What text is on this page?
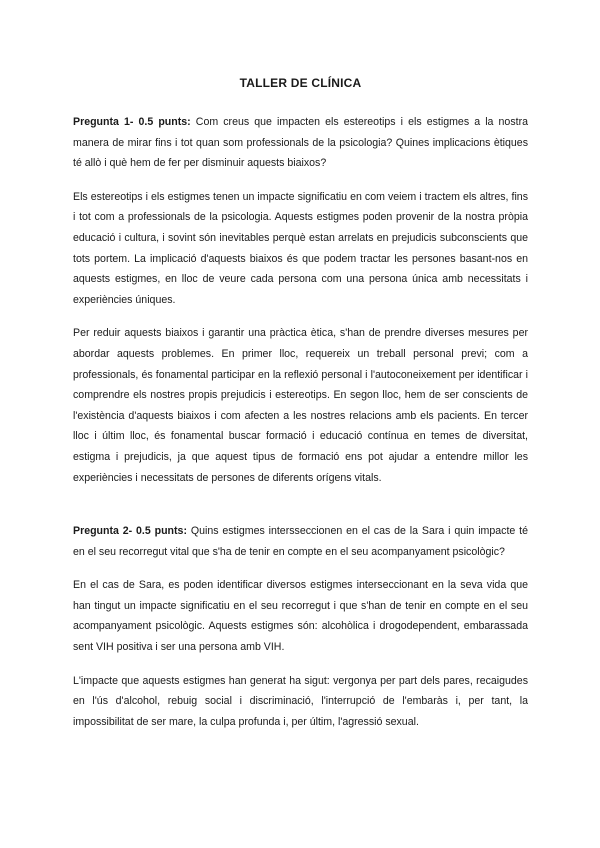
TALLER DE CLÍNICA

Pregunta 1- 0.5 punts: Com creus que impacten els estereotips i els estigmes a la nostra manera de mirar fins i tot quan som professionals de la psicologia? Quines implicacions ètiques té allò i què hem de fer per disminuir aquests biaixos?

Els estereotips i els estigmes tenen un impacte significatiu en com veiem i tractem els altres, fins i tot com a professionals de la psicologia. Aquests estigmes poden provenir de la nostra pròpia educació i cultura, i sovint són inevitables perquè estan arrelats en prejudicis subconscients que tots portem. La implicació d'aquests biaixos és que podem tractar les persones basant-nos en aquests estigmes, en lloc de veure cada persona com una persona única amb necessitats i experiències úniques.

Per reduir aquests biaixos i garantir una pràctica ètica, s'han de prendre diverses mesures per abordar aquests problemes. En primer lloc, requereix un treball personal previ; com a professionals, és fonamental participar en la reflexió personal i l'autoconeixement per identificar i comprendre els nostres propis prejudicis i estereotips. En segon lloc, hem de ser conscients de l'existència d'aquests biaixos i com afecten a les nostres relacions amb els pacients. En tercer lloc i últim lloc, és fonamental buscar formació i educació contínua en temes de diversitat, estigma i prejudicis, ja que aquest tipus de formació ens pot ajudar a entendre millor les experiències i necessitats de persones de diferents orígens vitals.

Pregunta 2- 0.5 punts: Quins estigmes intersseccionen en el cas de la Sara i quin impacte té en el seu recorregut vital que s'ha de tenir en compte en el seu acompanyament psicològic?

En el cas de Sara, es poden identificar diversos estigmes interseccionant en la seva vida que han tingut un impacte significatiu en el seu recorregut i que s'han de tenir en compte en el seu acompanyament psicològic. Aquests estigmes són: alcohòlica i drogodependent, embarassada sent VIH positiva i ser una persona amb VIH.

L'impacte que aquests estigmes han generat ha sigut: vergonya per part dels pares, recaigudes en l'ús d'alcohol, rebuig social i discriminació, l'interrupció de l'embaràs i, per tant, la impossibilitat de ser mare, la culpa profunda i, per últim, l'agressió sexual.
